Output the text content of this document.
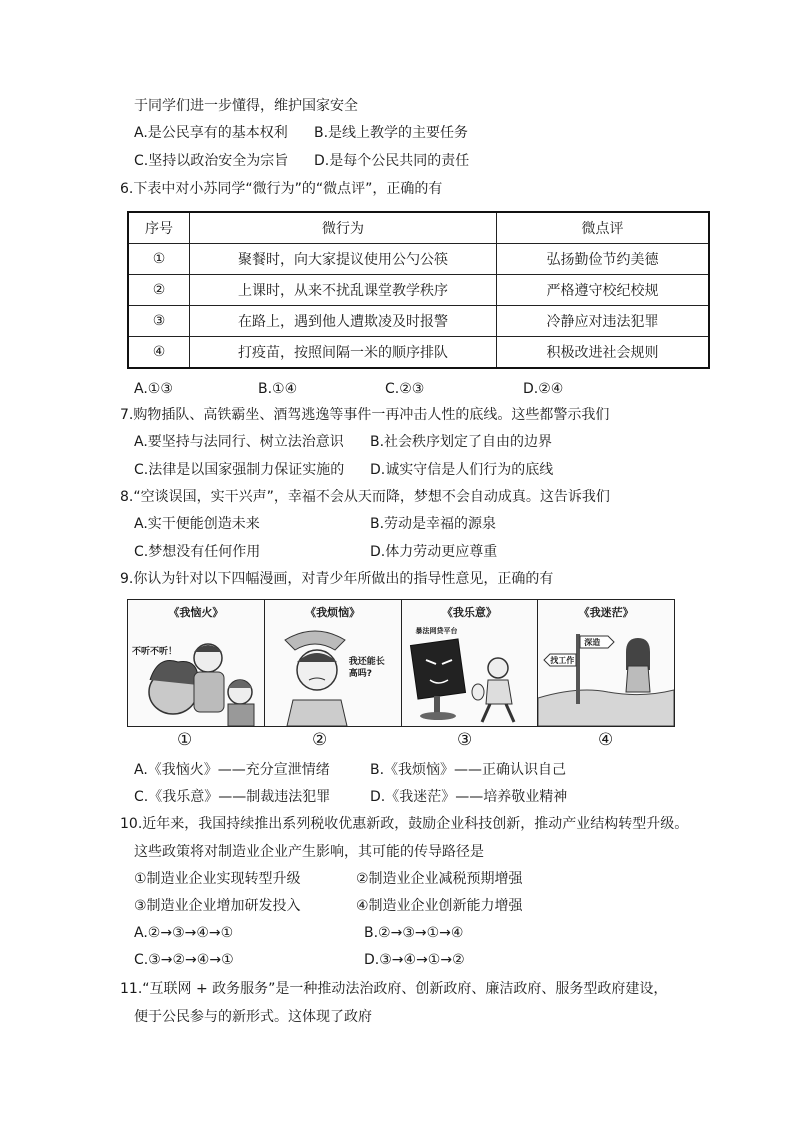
于同学们进一步懂得，维护国家安全
A.是公民享有的基本权利 B.是线上教学的主要任务
C.坚持以政治安全为宗旨 D.是每个公民共同的责任
6.下表中对小苏同学“微行为”的“微点评”，正确的有
序号	微行为	微点评
①	聚餐时，向大家提议使用公勺公筷	弘扬勤俭节约美德
②	上课时，从来不扰乱课堂教学秩序	严格遵守校纪校规
③	在路上，遇到他人遭欺凌及时报警	冷静应对违法犯罪
④	打疫苗，按照间隔一米的顺序排队	积极改进社会规则
A.①③	B.①④	C.②③	D.②④
7.购物插队、高铁霸坐、酒驾逃逸等事件一再冲击人性的底线。这些都警示我们
A.要坚持与法同行、树立法治意识 B.社会秩序划定了自由的边界
C.法律是以国家强制力保证实施的 D.诚实守信是人们行为的底线
8.“空谈误国，实干兴声”，幸福不会从天而降，梦想不会自动成真。这告诉我们
A.实干便能创造未来	B.劳动是幸福的源泉
C.梦想没有任何作用	D.体力劳动更应尊重
9.你认为针对以下四幅漫画，对青少年所做出的指导性意见，正确的有
《我恼火》
不听不听！
《我烦恼》
我还能长高吗?
《我乐意》
暴法网贷平台
《我迷茫》
深造
找工作
①	②	③	④
A.《我恼火》——充分宣泄情绪	B.《我烦恼》——正确认识自己
C.《我乐意》——制裁违法犯罪	D.《我迷茫》——培养敬业精神
10.近年来，我国持续推出系列税收优惠新政，鼓励企业科技创新，推动产业结构转型升级。
这些政策将对制造业企业产生影响，其可能的传导路径是
①制造业企业实现转型升级	②制造业企业减税预期增强
③制造业企业增加研发投入	④制造业企业创新能力增强
A.②→③→④→①	B.②→③→①→④
C.③→②→④→①	D.③→④→①→②
11.“互联网 + 政务服务”是一种推动法治政府、创新政府、廉洁政府、服务型政府建设，
便于公民参与的新形式。这体现了政府
